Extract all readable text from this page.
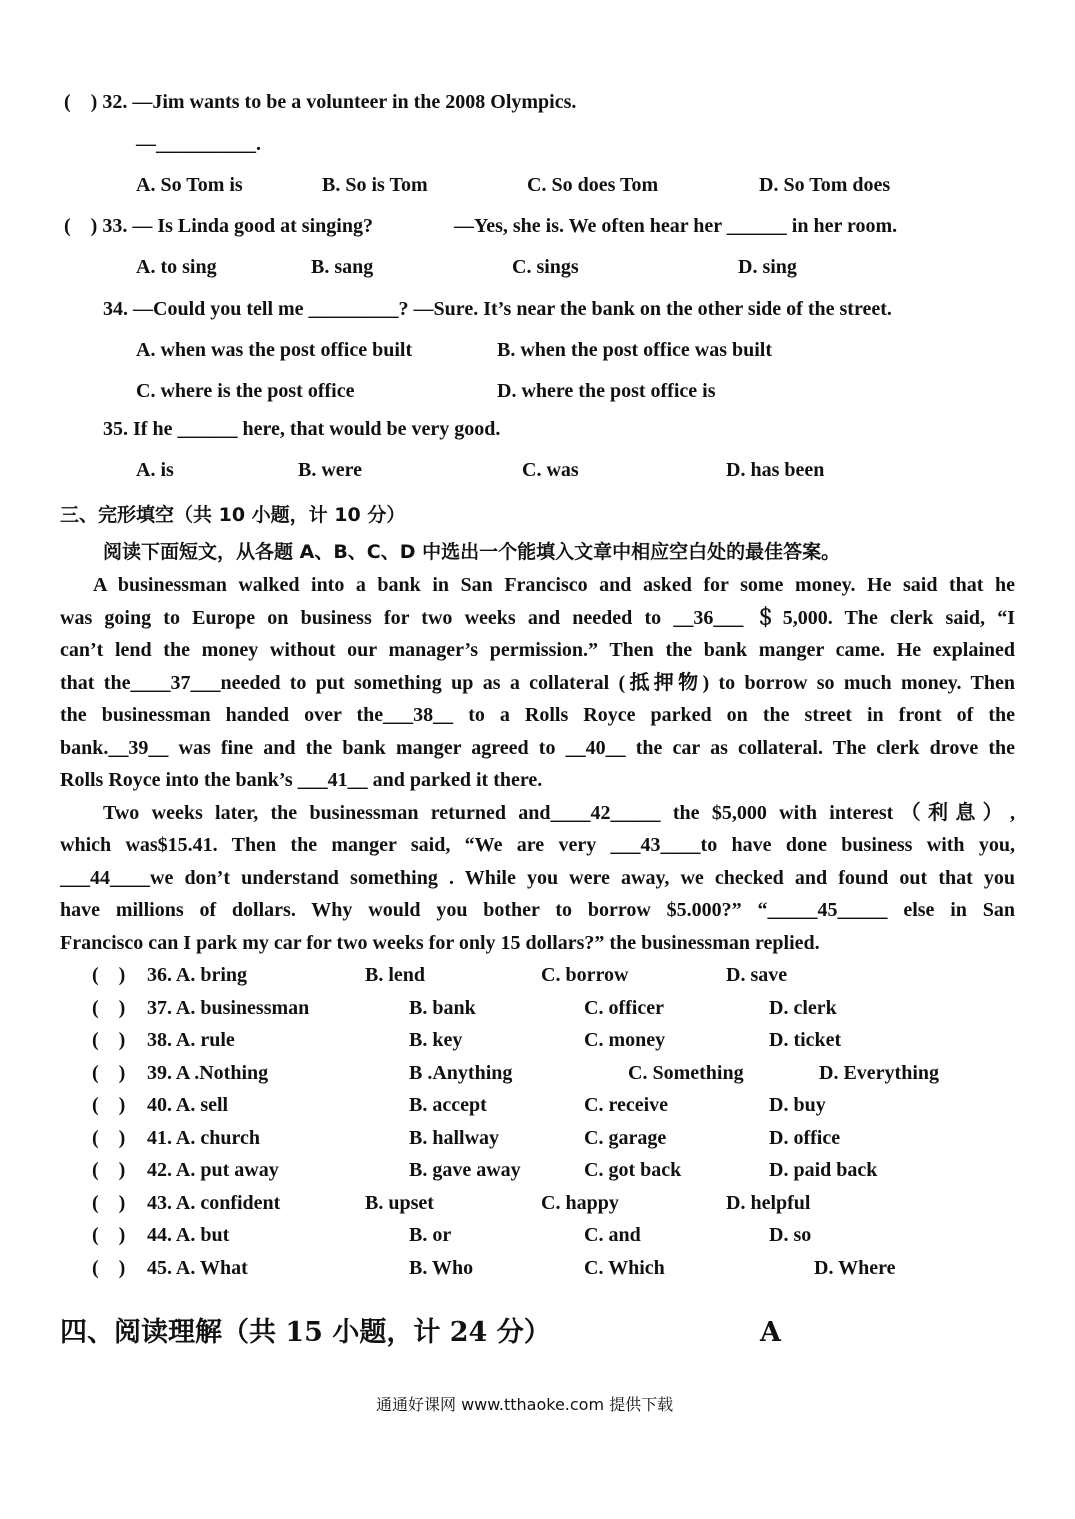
(　) 32. —Jim wants to be a volunteer in the 2008 Olympics.
—__________.
A. So Tom is	B. So is Tom	C. So does Tom	D. So Tom does
(　) 33. — Is Linda good at singing?	—Yes, she is. We often hear her ______ in her room.
A. to sing	B. sang	C. sings	D. sing
34. —Could you tell me _________? —Sure. It’s near the bank on the other side of the street.
A. when was the post office built	B. when the post office was built
C. where is the post office	D. where the post office is
35. If he ______ here, that would be very good.
A. is	B. were	C. was	D. has been
三、完形填空（共 10 小题，计 10 分）
阅读下面短文，从各题 A、B、C、D 中选出一个能填入文章中相应空白处的最佳答案。
A businessman walked into a bank in San Francisco and asked for some money. He said that he
was going to Europe on business for two weeks and needed to __36___ ＄5,000. The clerk said, “I
can’t lend the money without our manager’s permission.” Then the bank manger came. He explained
that the____37___needed to put something up as a collateral (抵押物) to borrow so much money. Then
the businessman handed over the___38__ to a Rolls Royce parked on the street in front of the
bank.__39__ was fine and the bank manger agreed to __40__ the car as collateral. The clerk drove the
Rolls Royce into the bank’s ___41__ and parked it there.
Two weeks later, the businessman returned and____42_____ the $5,000 with interest（利息）,
which was$15.41. Then the manger said, “We are very ___43____to have done business with you,
___44____we don’t understand something . While you were away, we checked and found out that you
have millions of dollars. Why would you bother to borrow $5.000?” “_____45_____ else in San
Francisco can I park my car for two weeks for only 15 dollars?” the businessman replied.
(　) 36. A. bring	B. lend	C. borrow	D. save
(　) 37. A. businessman	B. bank	C. officer	D. clerk
(　) 38. A. rule	B. key	C. money	D. ticket
(　) 39. A .Nothing	B .Anything	C. Something	D. Everything
(　) 40. A. sell	B. accept	C. receive	D. buy
(　) 41. A. church	B. hallway	C. garage	D. office
(　) 42. A. put away	B. gave away	C. got back	D. paid back
(　) 43. A. confident	B. upset	C. happy	D. helpful
(　) 44. A. but	B. or	C. and	D. so
(　) 45. A. What	B. Who	C. Which	D. Where
四、阅读理解（共 15 小题，计 24 分）	A
通通好课网 www.tthaoke.com 提供下载
